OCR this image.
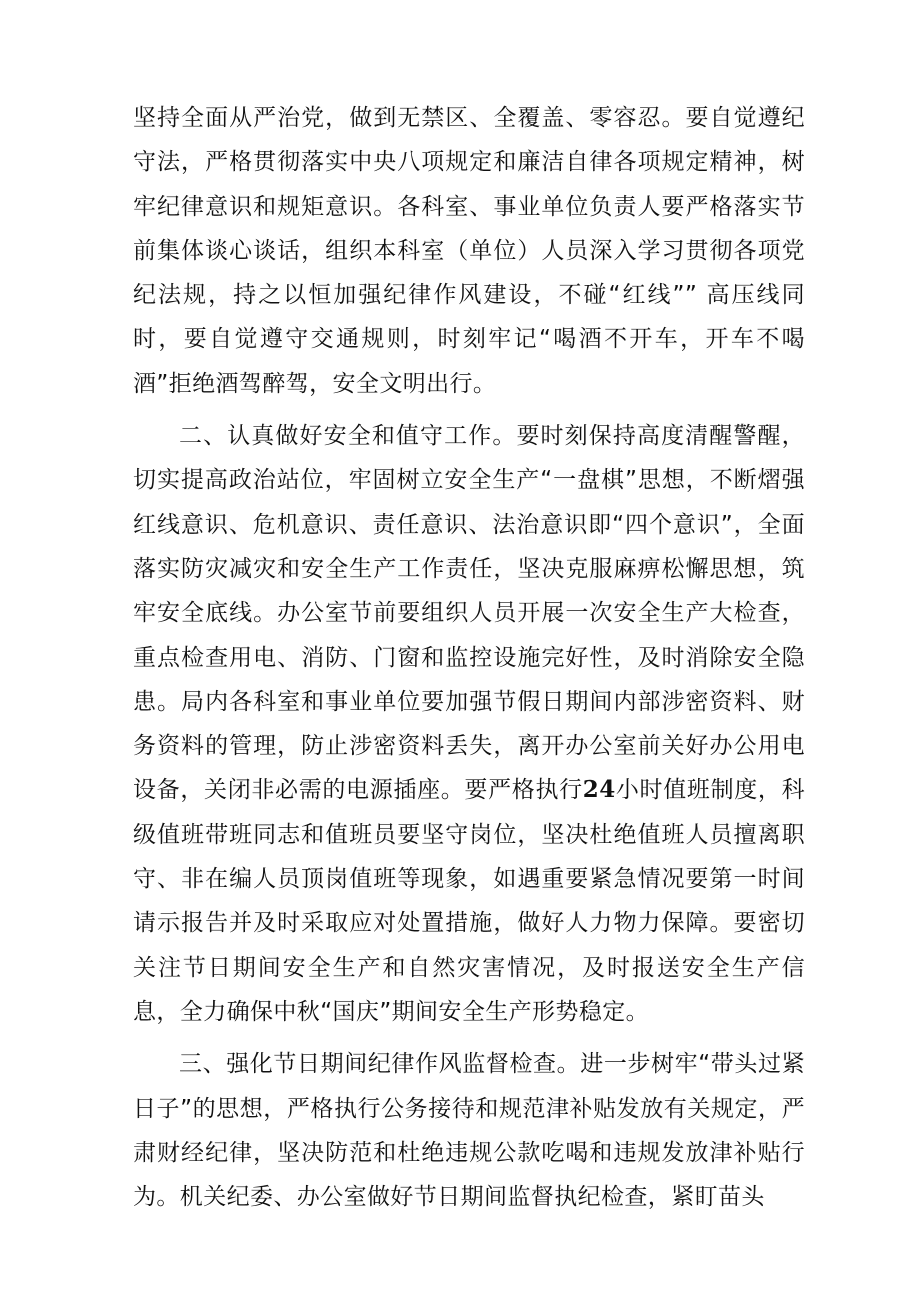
坚持全面从严治党，做到无禁区、全覆盖、零容忍。要自觉遵纪守法，严格贯彻落实中央八项规定和廉洁自律各项规定精神，树牢纪律意识和规矩意识。各科室、事业单位负责人要严格落实节前集体谈心谈话，组织本科室（单位）人员深入学习贯彻各项党纪法规，持之以恒加强纪律作风建设，不碰“红线”” 高压线同时，要自觉遵守交通规则，时刻牢记“喝酒不开车，开车不喝酒”拒绝酒驾醉驾，安全文明出行。

二、认真做好安全和值守工作。要时刻保持高度清醒警醒，切实提高政治站位，牢固树立安全生产“一盘棋”思想，不断熠强红线意识、危机意识、责任意识、法治意识即“四个意识”，全面落实防灾减灾和安全生产工作责任，坚决克服麻痹松懈思想，筑牢安全底线。办公室节前要组织人员开展一次安全生产大检查，重点检查用电、消防、门窗和监控设施完好性，及时消除安全隐患。局内各科室和事业单位要加强节假日期间内部涉密资料、财务资料的管理，防止涉密资料丢失，离开办公室前关好办公用电设备，关闭非必需的电源插座。要严格执行24小时值班制度，科级值班带班同志和值班员要坚守岗位，坚决杜绝值班人员擅离职守、非在编人员顶岗值班等现象，如遇重要紧急情况要第一时间请示报告并及时采取应对处置措施，做好人力物力保障。要密切关注节日期间安全生产和自然灾害情况，及时报送安全生产信息，全力确保中秋“国庆”期间安全生产形势稳定。

三、强化节日期间纪律作风监督检查。进一步树牢“带头过紧日子”的思想，严格执行公务接待和规范津补贴发放有关规定，严肃财经纪律，坚决防范和杜绝违规公款吃喝和违规发放津补贴行为。机关纪委、办公室做好节日期间监督执纪检查，紧盯苗头
